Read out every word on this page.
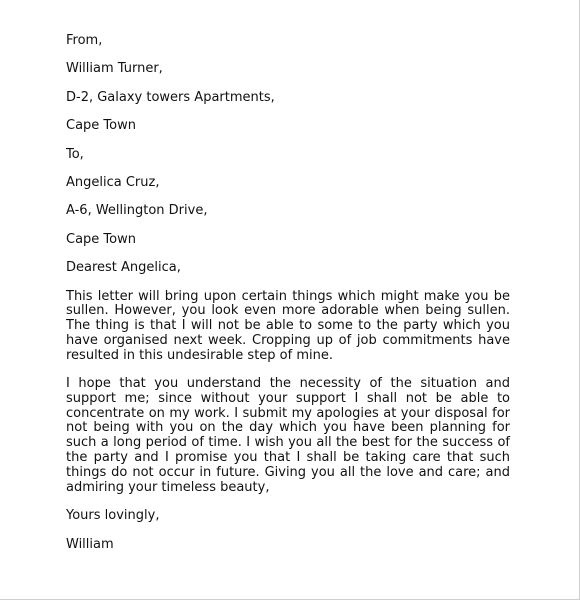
From,
William Turner,
D-2, Galaxy towers Apartments,
Cape Town
To,
Angelica Cruz,
A-6, Wellington Drive,
Cape Town
Dearest Angelica,
This letter will bring upon certain things which might make you be sullen. However, you look even more adorable when being sullen. The thing is that I will not be able to some to the party which you have organised next week. Cropping up of job commitments have resulted in this undesirable step of mine.
I hope that you understand the necessity of the situation and support me; since without your support I shall not be able to concentrate on my work. I submit my apologies at your disposal for not being with you on the day which you have been planning for such a long period of time. I wish you all the best for the success of the party and I promise you that I shall be taking care that such things do not occur in future. Giving you all the love and care; and admiring your timeless beauty,
Yours lovingly,
William
